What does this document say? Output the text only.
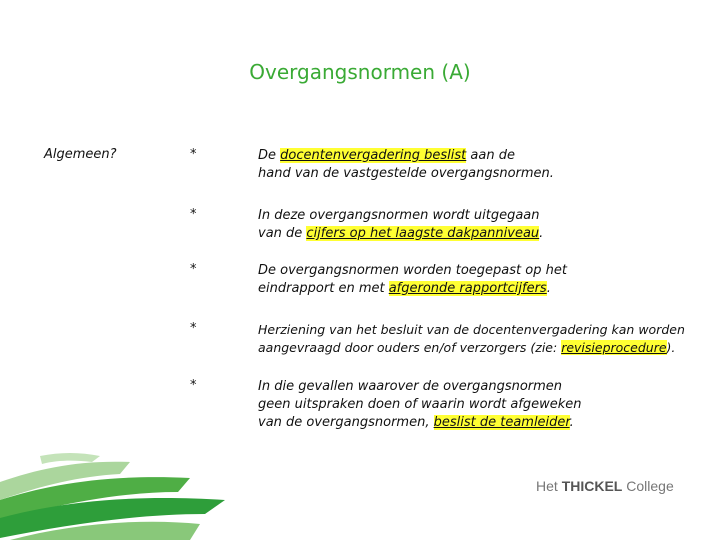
Overgangsnormen (A)
Algemeen?	*	De docentenvergadering beslist aan de
hand van de vastgestelde overgangsnormen.
*	In deze overgangsnormen wordt uitgegaan
van de cijfers op het laagste dakpanniveau.
*	De overgangsnormen worden toegepast op het
eindrapport en met afgeronde rapportcijfers.
*	Herziening van het besluit van de docentenvergadering kan worden
aangevraagd door ouders en/of verzorgers (zie: revisieprocedure).
*	In die gevallen waarover de overgangsnormen
geen uitspraken doen of waarin wordt afgeweken
van de overgangsnormen, beslist de teamleider.
Het THICKEL College
